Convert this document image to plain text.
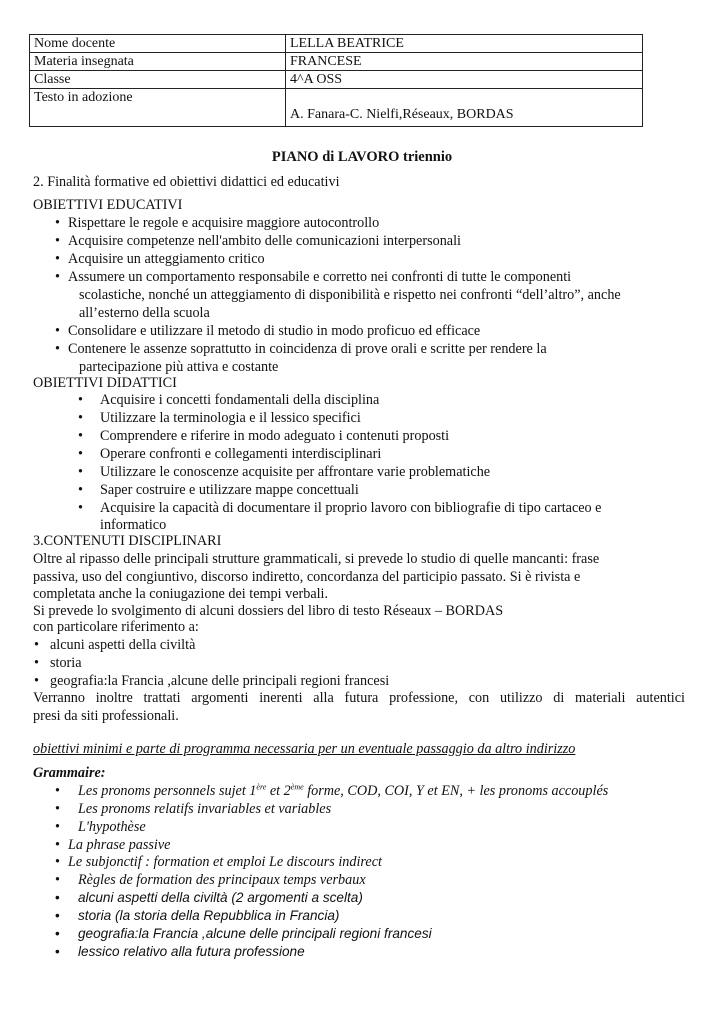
Nome docente	LELLA BEATRICE
Materia insegnata	FRANCESE
Classe	4^A OSS
Testo in adozione	A. Fanara-C. Nielfi,Réseaux, BORDAS
PIANO di LAVORO triennio
2. Finalità formative ed obiettivi didattici ed educativi
OBIETTIVI EDUCATIVI
• Rispettare le regole e acquisire maggiore autocontrollo
• Acquisire competenze nell'ambito delle comunicazioni interpersonali
• Acquisire un atteggiamento critico
• Assumere un comportamento responsabile e corretto nei confronti di tutte le componenti
scolastiche, nonché un atteggiamento di disponibilità e rispetto nei confronti “dell’altro”, anche
all’esterno della scuola
• Consolidare e utilizzare il metodo di studio in modo proficuo ed efficace
• Contenere le assenze soprattutto in coincidenza di prove orali e scritte per rendere la
partecipazione più attiva e costante
OBIETTIVI DIDATTICI
• Acquisire i concetti fondamentali della disciplina
• Utilizzare la terminologia e il lessico specifici
• Comprendere e riferire in modo adeguato i contenuti proposti
• Operare confronti e collegamenti interdisciplinari
• Utilizzare le conoscenze acquisite per affrontare varie problematiche
• Saper costruire e utilizzare mappe concettuali
• Acquisire la capacità di documentare il proprio lavoro con bibliografie di tipo cartaceo e
informatico
3.CONTENUTI DISCIPLINARI
Oltre al ripasso delle principali strutture grammaticali, si prevede lo studio di quelle mancanti: frase
passiva, uso del congiuntivo, discorso indiretto, concordanza del participio passato. Si è rivista e
completata anche la coniugazione dei tempi verbali.
Si prevede lo svolgimento di alcuni dossiers del libro di testo Réseaux – BORDAS
con particolare riferimento a:
• alcuni aspetti della civiltà
• storia
• geografia:la Francia ,alcune delle principali regioni francesi
Verranno inoltre trattati argomenti inerenti alla futura professione, con utilizzo di materiali autentici
presi da siti professionali.
obiettivi minimi e parte di programma necessaria per un eventuale passaggio da altro indirizzo
Grammaire:
• Les pronoms personnels sujet 1ère et 2ème forme, COD, COI, Y et EN, + les pronoms accouplés
• Les pronoms relatifs invariables et variables
• L'hypothèse
• La phrase passive
• Le subjonctif : formation et emploi Le discours indirect
• Règles de formation des principaux temps verbaux
• alcuni aspetti della civiltà (2 argomenti a scelta)
• storia (la storia della Repubblica in Francia)
• geografia:la Francia ,alcune delle principali regioni francesi
• lessico relativo alla futura professione
